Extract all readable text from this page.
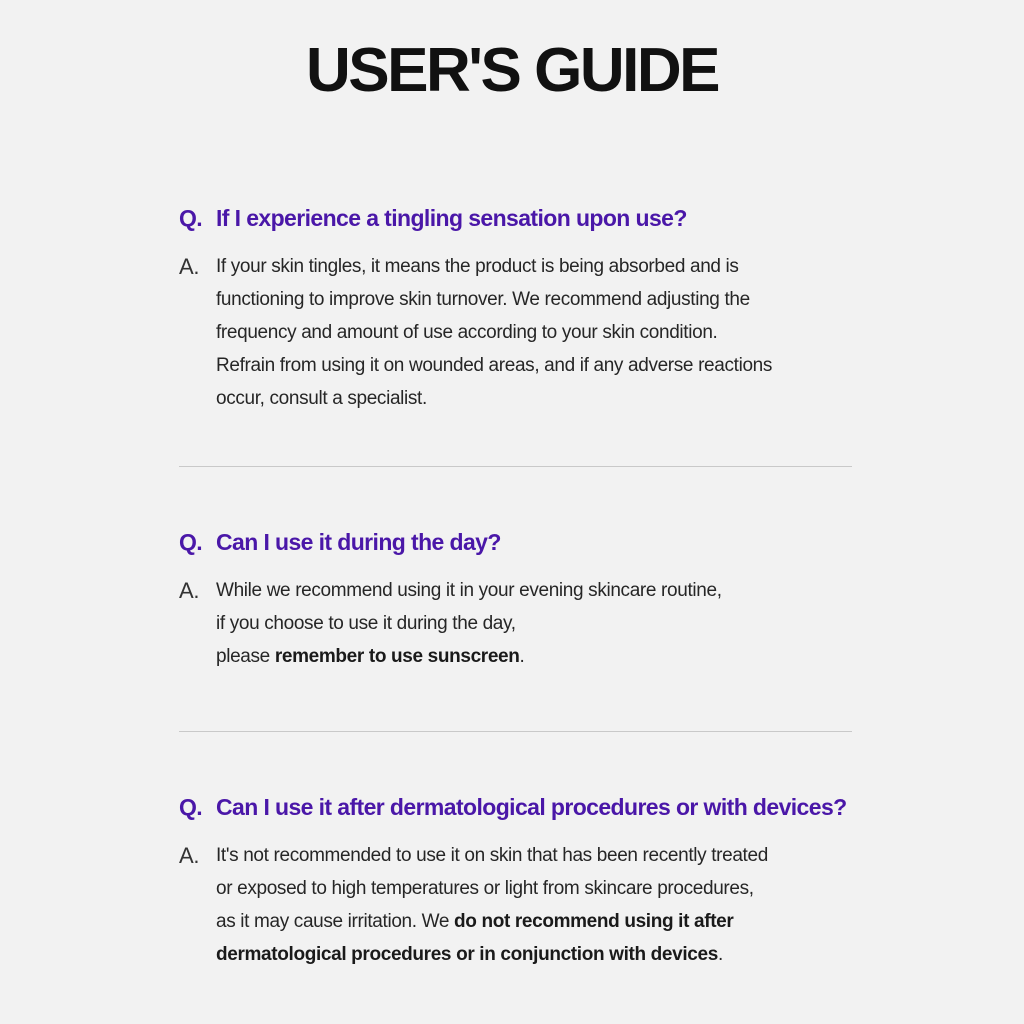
USER'S GUIDE
Q. If I experience a tingling sensation upon use?
A. If your skin tingles, it means the product is being absorbed and is
functioning to improve skin turnover. We recommend adjusting the
frequency and amount of use according to your skin condition.
Refrain from using it on wounded areas, and if any adverse reactions
occur, consult a specialist.
Q. Can I use it during the day?
A. While we recommend using it in your evening skincare routine,
if you choose to use it during the day,
please remember to use sunscreen.
Q. Can I use it after dermatological procedures or with devices?
A. It's not recommended to use it on skin that has been recently treated
or exposed to high temperatures or light from skincare procedures,
as it may cause irritation. We do not recommend using it after
dermatological procedures or in conjunction with devices.
